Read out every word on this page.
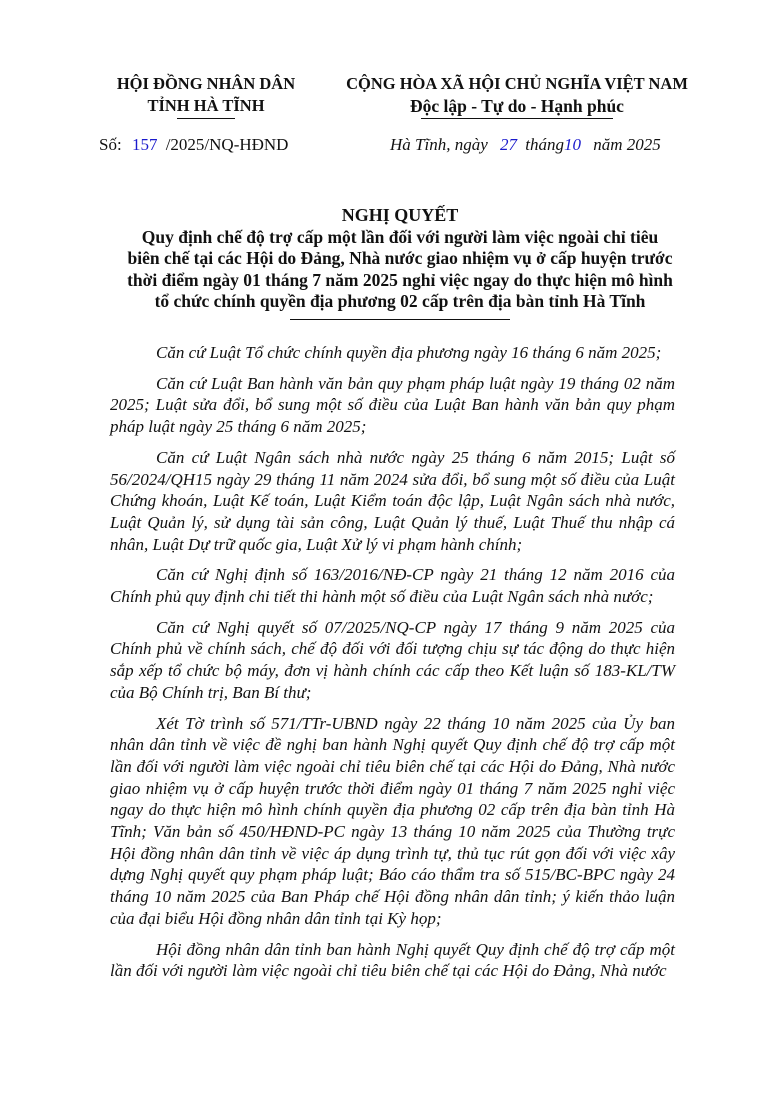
HỘI ĐỒNG NHÂN DÂN
TỈNH HÀ TĨNH
CỘNG HÒA XÃ HỘI CHỦ NGHĨA VIỆT NAM
Độc lập - Tự do - Hạnh phúc
Số: 157 /2025/NQ-HĐND	Hà Tĩnh, ngày 27 tháng10 năm 2025
NGHỊ QUYẾT
Quy định chế độ trợ cấp một lần đối với người làm việc ngoài chỉ tiêu
biên chế tại các Hội do Đảng, Nhà nước giao nhiệm vụ ở cấp huyện trước
thời điểm ngày 01 tháng 7 năm 2025 nghỉ việc ngay do thực hiện mô hình
tổ chức chính quyền địa phương 02 cấp trên địa bàn tỉnh Hà Tĩnh

Căn cứ Luật Tổ chức chính quyền địa phương ngày 16 tháng 6 năm 2025;

Căn cứ Luật Ban hành văn bản quy phạm pháp luật ngày 19 tháng 02 năm 2025; Luật sửa đổi, bổ sung một số điều của Luật Ban hành văn bản quy phạm pháp luật ngày 25 tháng 6 năm 2025;

Căn cứ Luật Ngân sách nhà nước ngày 25 tháng 6 năm 2015; Luật số 56/2024/QH15 ngày 29 tháng 11 năm 2024 sửa đổi, bổ sung một số điều của Luật Chứng khoán, Luật Kế toán, Luật Kiểm toán độc lập, Luật Ngân sách nhà nước, Luật Quản lý, sử dụng tài sản công, Luật Quản lý thuế, Luật Thuế thu nhập cá nhân, Luật Dự trữ quốc gia, Luật Xử lý vi phạm hành chính;

Căn cứ Nghị định số 163/2016/NĐ-CP ngày 21 tháng 12 năm 2016 của Chính phủ quy định chi tiết thi hành một số điều của Luật Ngân sách nhà nước;

Căn cứ Nghị quyết số 07/2025/NQ-CP ngày 17 tháng 9 năm 2025 của Chính phủ về chính sách, chế độ đối với đối tượng chịu sự tác động do thực hiện sắp xếp tổ chức bộ máy, đơn vị hành chính các cấp theo Kết luận số 183-KL/TW của Bộ Chính trị, Ban Bí thư;

Xét Tờ trình số 571/TTr-UBND ngày 22 tháng 10 năm 2025 của Ủy ban nhân dân tỉnh về việc đề nghị ban hành Nghị quyết Quy định chế độ trợ cấp một lần đối với người làm việc ngoài chỉ tiêu biên chế tại các Hội do Đảng, Nhà nước giao nhiệm vụ ở cấp huyện trước thời điểm ngày 01 tháng 7 năm 2025 nghỉ việc ngay do thực hiện mô hình chính quyền địa phương 02 cấp trên địa bàn tỉnh Hà Tĩnh; Văn bản số 450/HĐND-PC ngày 13 tháng 10 năm 2025 của Thường trực Hội đồng nhân dân tỉnh về việc áp dụng trình tự, thủ tục rút gọn đối với việc xây dựng Nghị quyết quy phạm pháp luật; Báo cáo thẩm tra số 515/BC-BPC ngày 24 tháng 10 năm 2025 của Ban Pháp chế Hội đồng nhân dân tỉnh; ý kiến thảo luận của đại biểu Hội đồng nhân dân tỉnh tại Kỳ họp;

Hội đồng nhân dân tỉnh ban hành Nghị quyết Quy định chế độ trợ cấp một lần đối với người làm việc ngoài chỉ tiêu biên chế tại các Hội do Đảng, Nhà nước
